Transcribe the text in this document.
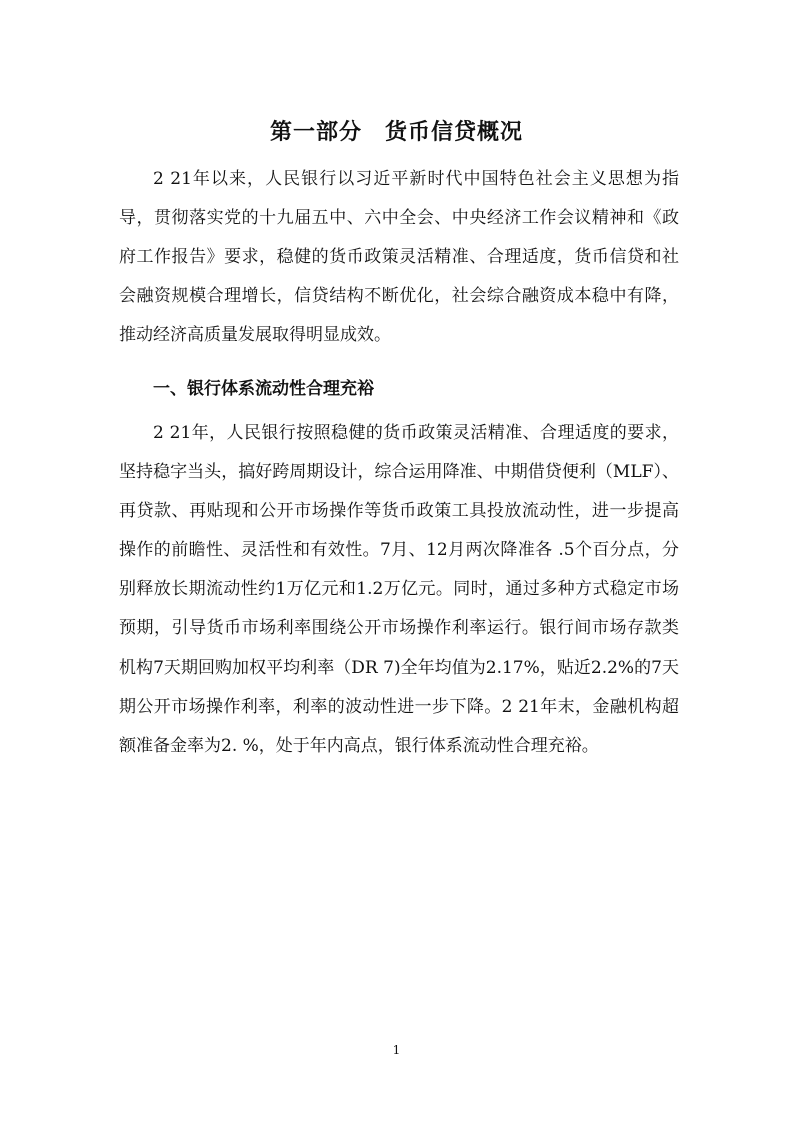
第一部分　货币信贷概况

2 21年以来，人民银行以习近平新时代中国特色社会主义思想为指导，贯彻落实党的十九届五中、六中全会、中央经济工作会议精神和《政府工作报告》要求，稳健的货币政策灵活精准、合理适度，货币信贷和社会融资规模合理增长，信贷结构不断优化，社会综合融资成本稳中有降，推动经济高质量发展取得明显成效。

一、银行体系流动性合理充裕

2 21年，人民银行按照稳健的货币政策灵活精准、合理适度的要求，坚持稳字当头，搞好跨周期设计，综合运用降准、中期借贷便利（MLF）、再贷款、再贴现和公开市场操作等货币政策工具投放流动性，进一步提高操作的前瞻性、灵活性和有效性。7月、12月两次降准各 .5个百分点，分别释放长期流动性约1万亿元和1.2万亿元。同时，通过多种方式稳定市场预期，引导货币市场利率围绕公开市场操作利率运行。银行间市场存款类机构7天期回购加权平均利率（DR 7)全年均值为2.17%，贴近2.2%的7天期公开市场操作利率，利率的波动性进一步下降。2 21年末，金融机构超额准备金率为2. %，处于年内高点，银行体系流动性合理充裕。

1
